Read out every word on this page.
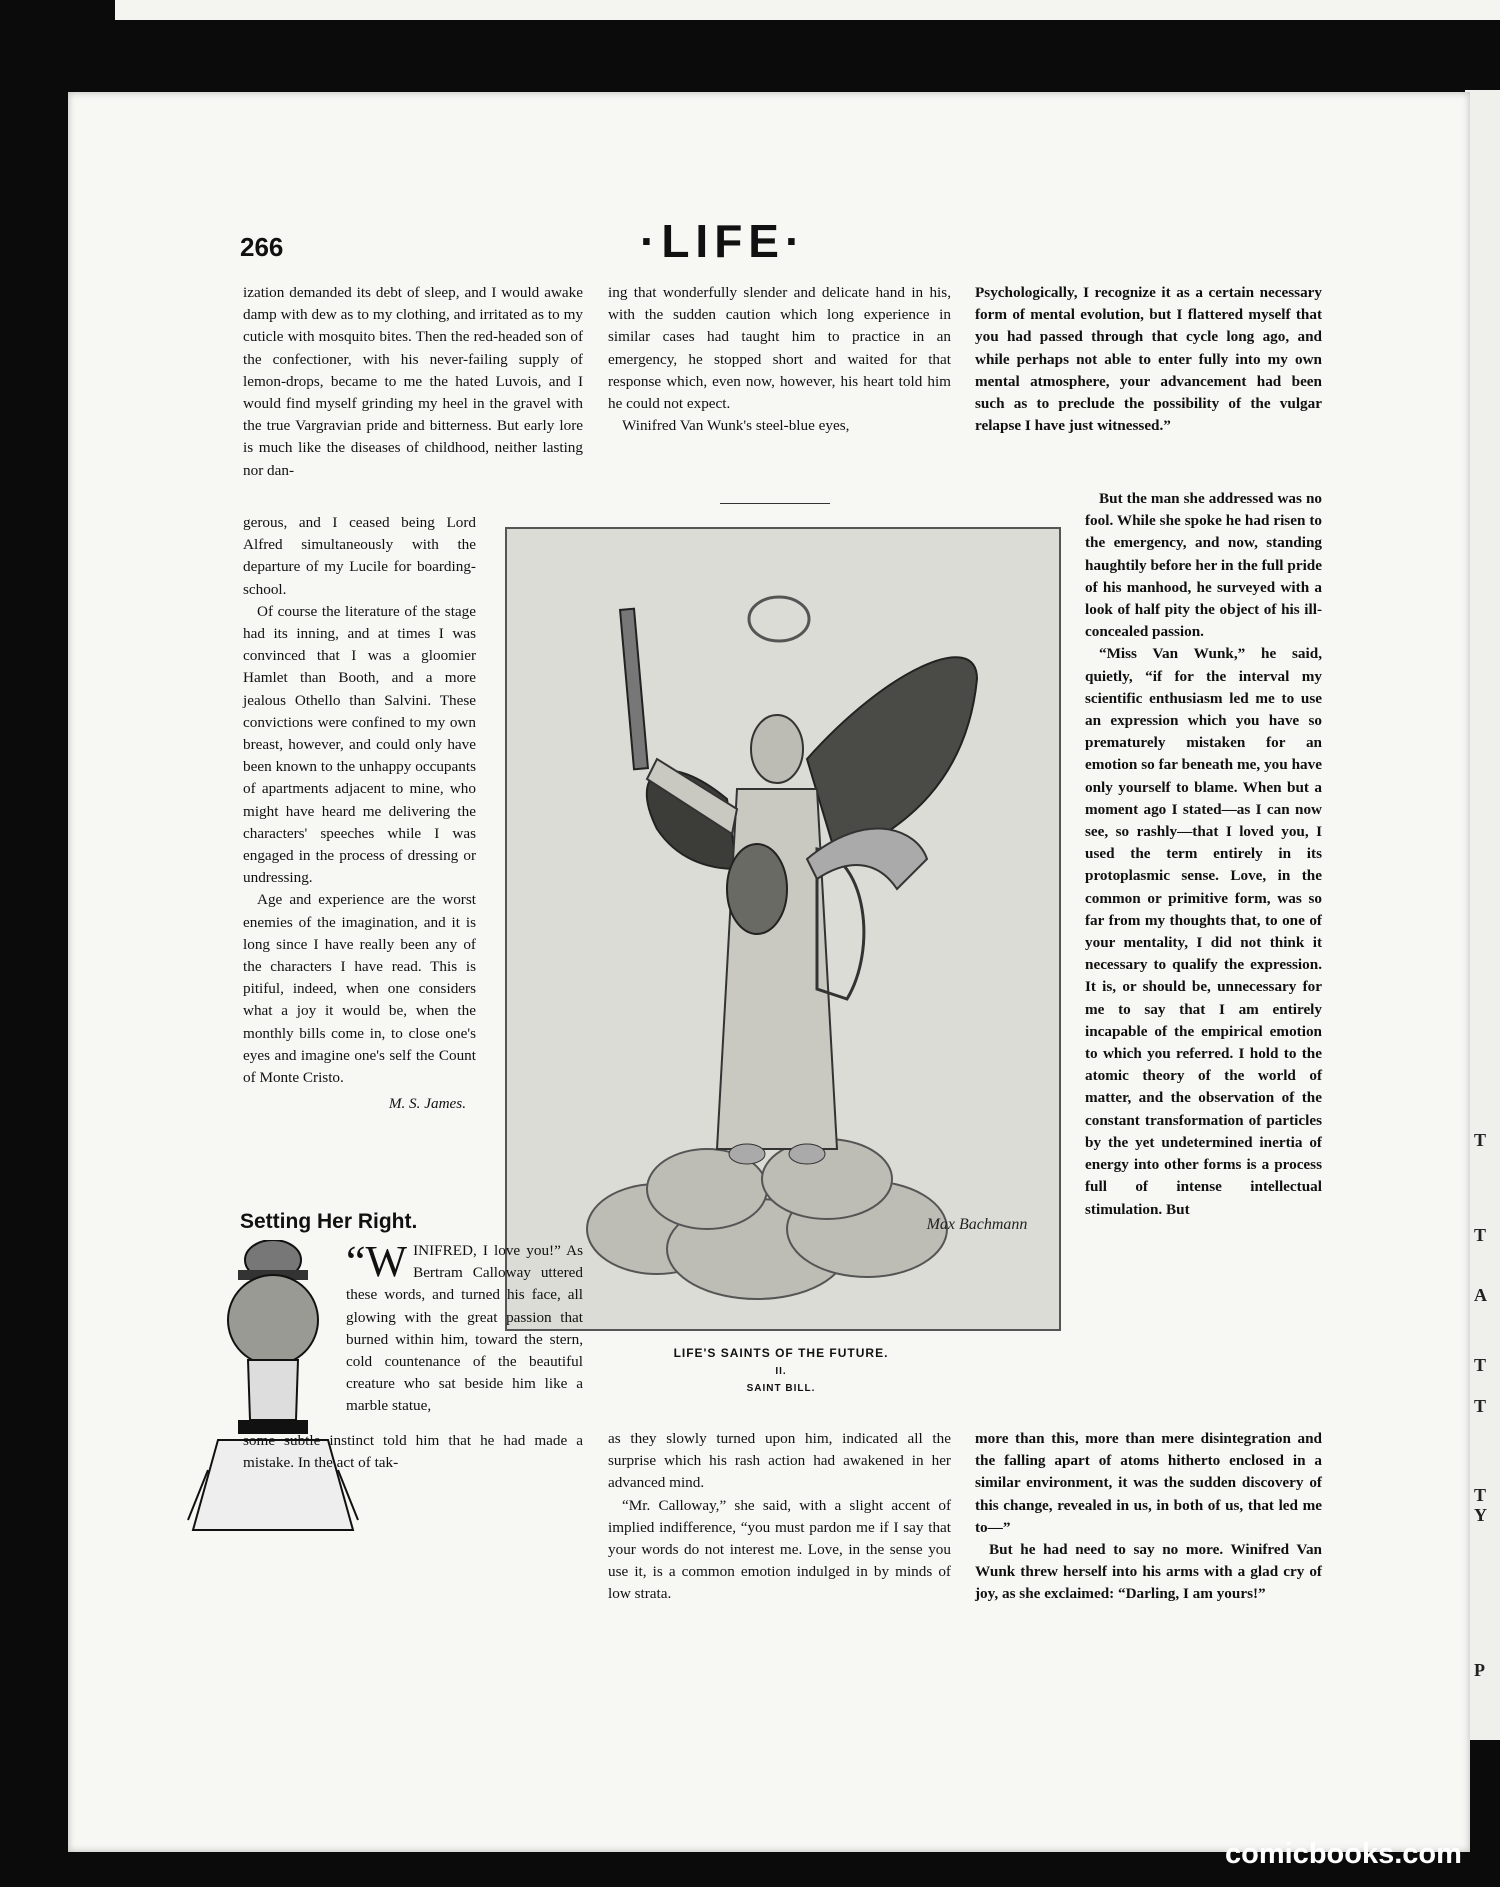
266	·LIFE·

ization demanded its debt of sleep, and I would awake damp with dew as to my clothing, and irritated as to my cuticle with mosquito bites. Then the red-headed son of the confectioner, with his never-failing supply of lemon-drops, became to me the hated Luvois, and I would find myself grinding my heel in the gravel with the true Vargravian pride and bitterness. But early lore is much like the diseases of childhood, neither lasting nor dan-

gerous, and I ceased being Lord Alfred simultaneously with the departure of my Lucile for boarding-school.

Of course the literature of the stage had its inning, and at times I was convinced that I was a gloomier Hamlet than Booth, and a more jealous Othello than Salvini. These convictions were confined to my own breast, however, and could only have been known to the unhappy occupants of apartments adjacent to mine, who might have heard me delivering the characters' speeches while I was engaged in the process of dressing or undressing.

Age and experience are the worst enemies of the imagination, and it is long since I have really been any of the characters I have read. This is pitiful, indeed, when one considers what a joy it would be, when the monthly bills come in, to close one's eyes and imagine one's self the Count of Monte Cristo.

M. S. James.

ing that wonderfully slender and delicate hand in his, with the sudden caution which long experience in similar cases had taught him to practice in an emergency, he stopped short and waited for that response which, even now, however, his heart told him he could not expect.

Winifred Van Wunk's steel-blue eyes,

Max Bachmann
LIFE'S SAINTS OF THE FUTURE.
II.
SAINT BILL.

as they slowly turned upon him, indicated all the surprise which his rash action had awakened in her advanced mind.

“Mr. Calloway,” she said, with a slight accent of implied indifference, “you must pardon me if I say that your words do not interest me. Love, in the sense you use it, is a common emotion indulged in by minds of low strata.

Psychologically, I recognize it as a certain necessary form of mental evolution, but I flattered myself that you had passed through that cycle long ago, and while perhaps not able to enter fully into my own mental atmosphere, your advancement had been such as to preclude the possibility of the vulgar relapse I have just witnessed.”

But the man she addressed was no fool. While she spoke he had risen to the emergency, and now, standing haughtily before her in the full pride of his manhood, he surveyed with a look of half pity the object of his ill-concealed passion.

“Miss Van Wunk,” he said, quietly, “if for the interval my scientific enthusiasm led me to use an expression which you have so prematurely mistaken for an emotion so far beneath me, you have only yourself to blame. When but a moment ago I stated—as I can now see, so rashly—that I loved you, I used the term entirely in its protoplasmic sense. Love, in the common or primitive form, was so far from my thoughts that, to one of your mentality, I did not think it necessary to qualify the expression. It is, or should be, unnecessary for me to say that I am entirely incapable of the empirical emotion to which you referred. I hold to the atomic theory of the world of matter, and the observation of the constant transformation of particles by the yet undetermined inertia of energy into other forms is a process full of intense intellectual stimulation. But

more than this, more than mere disintegration and the falling apart of atoms hitherto enclosed in a similar environment, it was the sudden discovery of this change, revealed in us, in both of us, that led me to—”

But he had need to say no more. Winifred Van Wunk threw herself into his arms with a glad cry of joy, as she exclaimed: “Darling, I am yours!”

Setting Her Right.

“WINIFRED, I love you!” As Bertram Calloway uttered these words, and turned his face, all glowing with the great passion that burned within him, toward the stern, cold countenance of the beautiful creature who sat beside him like a marble statue,

some subtle instinct told him that he had made a mistake. In the act of tak-

T
T
A
T
T
T
Y
P
comicbooks.com
